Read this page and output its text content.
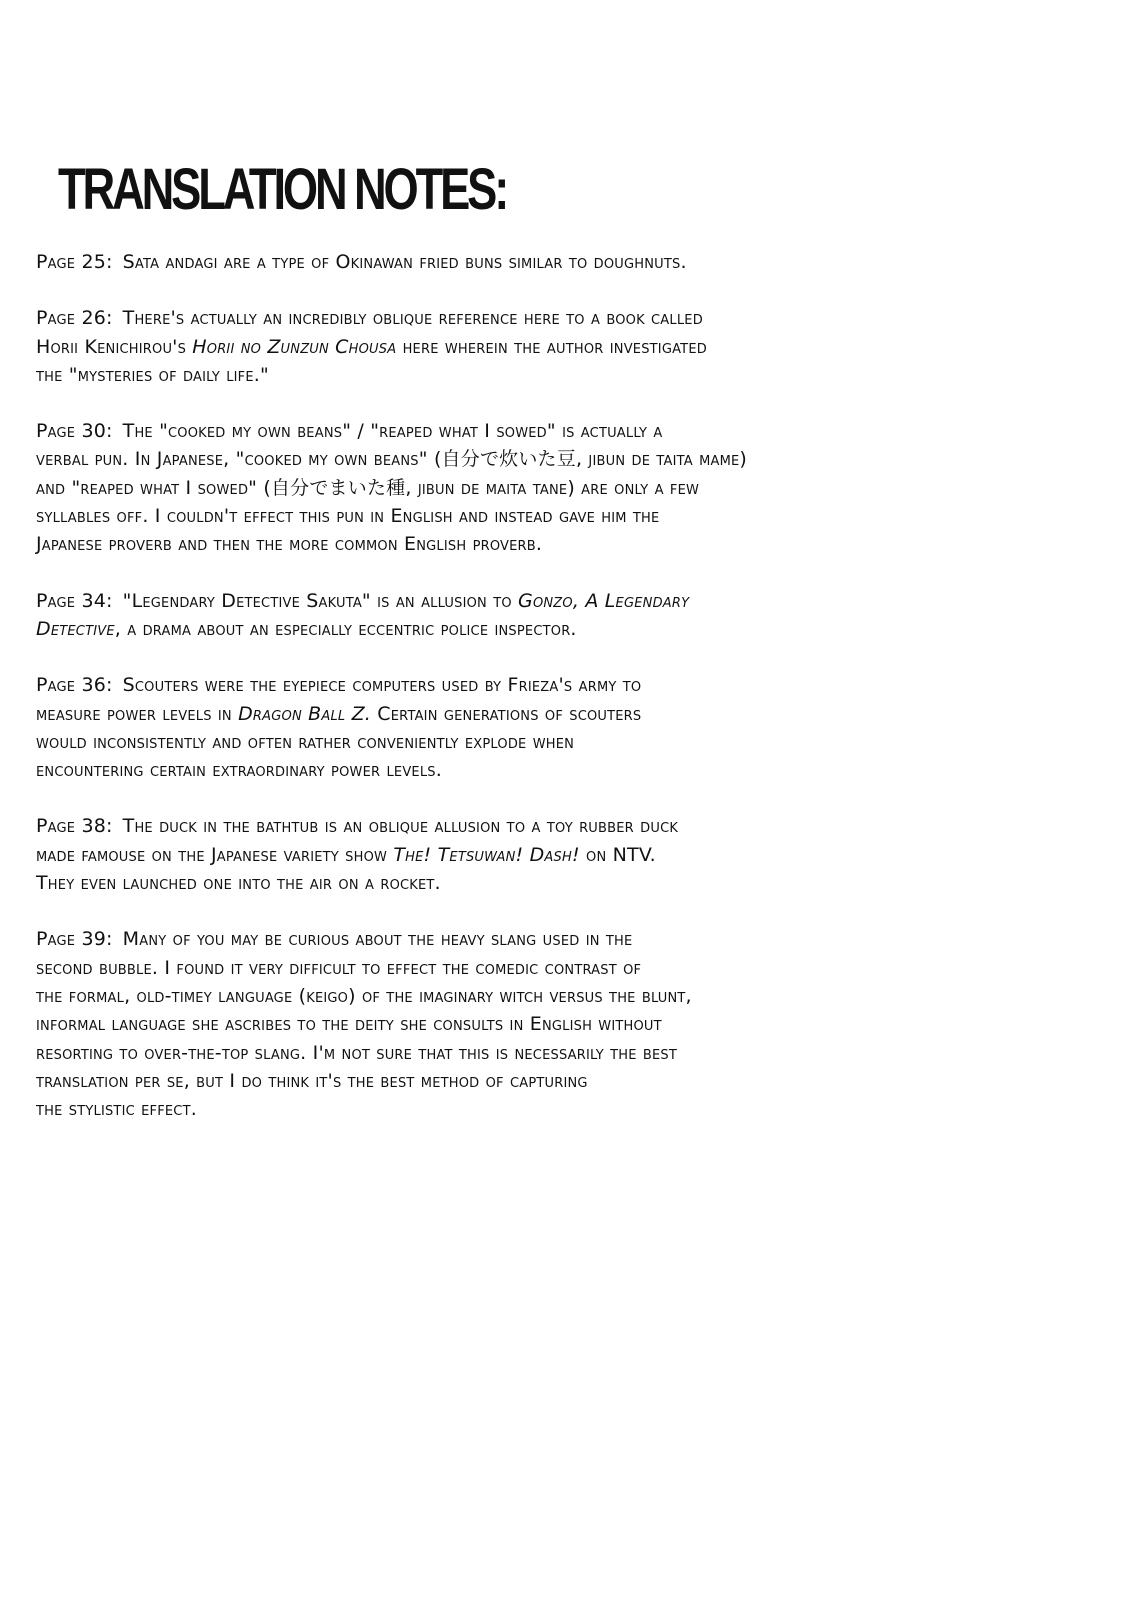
TRANSLATION NOTES:

Page 25: Sata andagi are a type of Okinawan fried buns similar to doughnuts.

Page 26: There's actually an incredibly oblique reference here to a book called
Horii Kenichirou's Horii no Zunzun Chousa here wherein the author investigated
the "mysteries of daily life."

Page 30: The "cooked my own beans" / "reaped what I sowed" is actually a
verbal pun. In Japanese, "cooked my own beans" (自分で炊いた豆, jibun de taita mame)
and "reaped what I sowed" (自分でまいた種, jibun de maita tane) are only a few
syllables off. I couldn't effect this pun in English and instead gave him the
Japanese proverb and then the more common English proverb.

Page 34: "Legendary Detective Sakuta" is an allusion to Gonzo, A Legendary
Detective, a drama about an especially eccentric police inspector.

Page 36: Scouters were the eyepiece computers used by Frieza's army to
measure power levels in Dragon Ball Z. Certain generations of scouters
would inconsistently and often rather conveniently explode when
encountering certain extraordinary power levels.

Page 38: The duck in the bathtub is an oblique allusion to a toy rubber duck
made famouse on the Japanese variety show The! Tetsuwan! Dash! on NTV.
They even launched one into the air on a rocket.

Page 39: Many of you may be curious about the heavy slang used in the
second bubble. I found it very difficult to effect the comedic contrast of
the formal, old-timey language (keigo) of the imaginary witch versus the blunt,
informal language she ascribes to the deity she consults in English without
resorting to over-the-top slang. I'm not sure that this is necessarily the best
translation per se, but I do think it's the best method of capturing
the stylistic effect.
